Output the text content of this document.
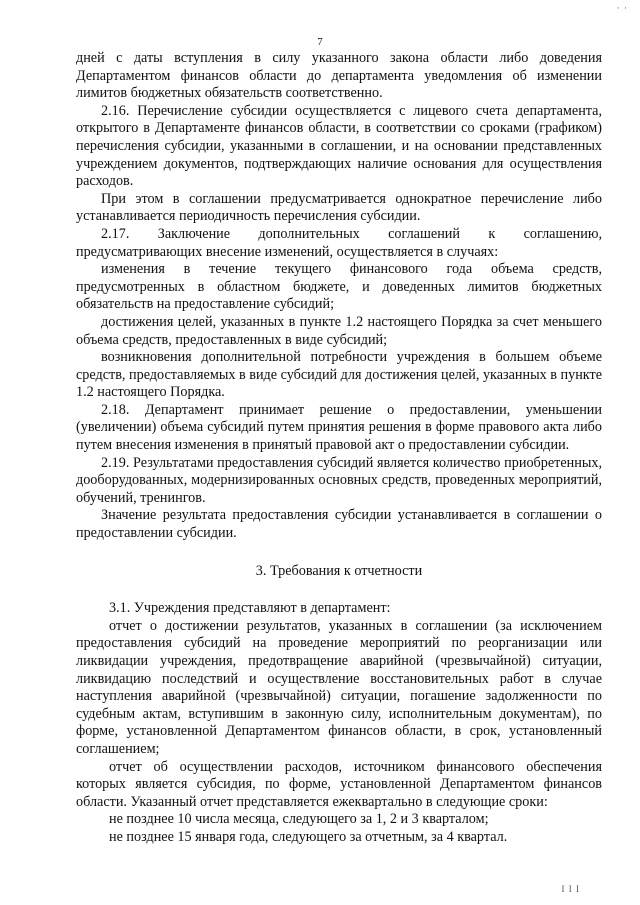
· ·
7

дней с даты вступления в силу указанного закона области либо доведения Департаментом финансов области до департамента уведомления об изменении лимитов бюджетных обязательств соответственно.

2.16. Перечисление субсидии осуществляется с лицевого счета департамента, открытого в Департаменте финансов области, в соответствии со сроками (графиком) перечисления субсидии, указанными в соглашении, и на основании представленных учреждением документов, подтверждающих наличие основания для осуществления расходов.

При этом в соглашении предусматривается однократное перечисление либо устанавливается периодичность перечисления субсидии.

2.17. Заключение дополнительных соглашений к соглашению, предусматривающих внесение изменений, осуществляется в случаях:

изменения в течение текущего финансового года объема средств, предусмотренных в областном бюджете, и доведенных лимитов бюджетных обязательств на предоставление субсидий;

достижения целей, указанных в пункте 1.2 настоящего Порядка за счет меньшего объема средств, предоставленных в виде субсидий;

возникновения дополнительной потребности учреждения в большем объеме средств, предоставляемых в виде субсидий для достижения целей, указанных в пункте 1.2 настоящего Порядка.

2.18. Департамент принимает решение о предоставлении, уменьшении (увеличении) объема субсидий путем принятия решения в форме правового акта либо путем внесения изменения в принятый правовой акт о предоставлении субсидии.

2.19. Результатами предоставления субсидий является количество приобретенных, дооборудованных, модернизированных основных средств, проведенных мероприятий, обучений, тренингов.

Значение результата предоставления субсидии устанавливается в соглашении о предоставлении субсидии.

3. Требования к отчетности

3.1. Учреждения представляют в департамент:

отчет о достижении результатов, указанных в соглашении (за исключением предоставления субсидий на проведение мероприятий по реорганизации или ликвидации учреждения, предотвращение аварийной (чрезвычайной) ситуации, ликвидацию последствий и осуществление восстановительных работ в случае наступления аварийной (чрезвычайной) ситуации, погашение задолженности по судебным актам, вступившим в законную силу, исполнительным документам), по форме, установленной Департаментом финансов области, в срок, установленный соглашением;

отчет об осуществлении расходов, источником финансового обеспечения которых является субсидия, по форме, установленной Департаментом финансов области. Указанный отчет представляется ежеквартально в следующие сроки:

не позднее 10 числа месяца, следующего за 1, 2 и 3 кварталом;

не позднее 15 января года, следующего за отчетным, за 4 квартал.

I I I
